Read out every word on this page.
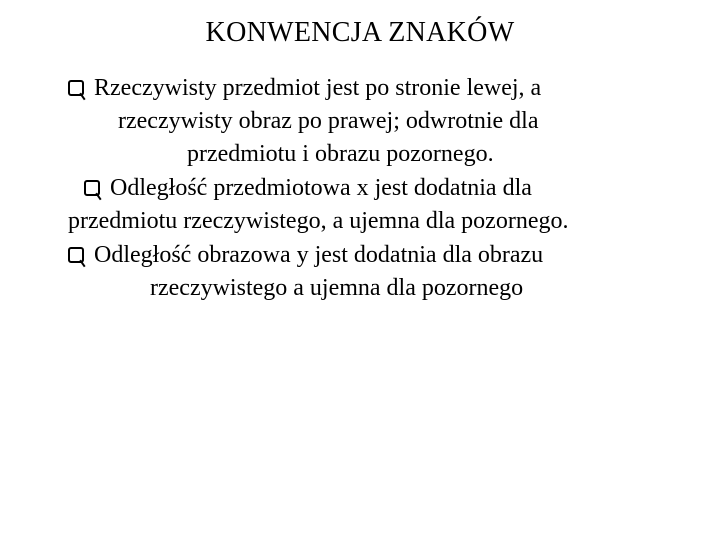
KONWENCJA ZNAKÓW
Rzeczywisty przedmiot jest po stronie lewej, a
rzeczywisty obraz po prawej; odwrotnie dla
przedmiotu i obrazu pozornego.
Odległość przedmiotowa x jest dodatnia dla
przedmiotu rzeczywistego, a ujemna dla pozornego.
Odległość obrazowa y jest dodatnia dla obrazu
rzeczywistego a ujemna dla pozornego
